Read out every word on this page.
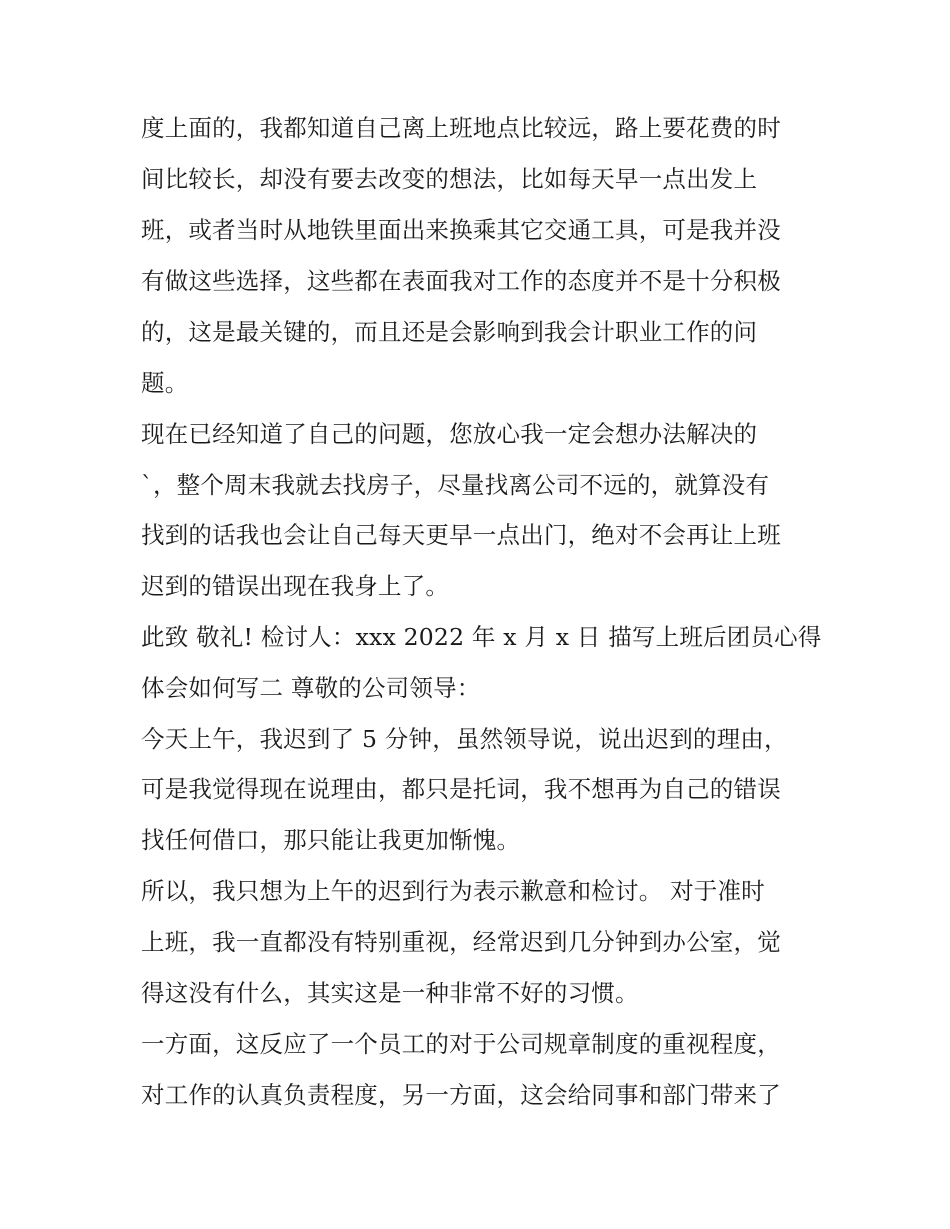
度上面的，我都知道自己离上班地点比较远，路上要花费的时
间比较长，却没有要去改变的想法，比如每天早一点出发上
班，或者当时从地铁里面出来换乘其它交通工具，可是我并没
有做这些选择，这些都在表面我对工作的态度并不是十分积极
的，这是最关键的，而且还是会影响到我会计职业工作的问
题。
现在已经知道了自己的问题，您放心我一定会想办法解决的
`，整个周末我就去找房子，尽量找离公司不远的，就算没有
找到的话我也会让自己每天更早一点出门，绝对不会再让上班
迟到的错误出现在我身上了。
此致 敬礼! 检讨人：xxx 2022 年 x 月 x 日 描写上班后团员心得
体会如何写二 尊敬的公司领导：
今天上午，我迟到了 5 分钟，虽然领导说，说出迟到的理由，
可是我觉得现在说理由，都只是托词，我不想再为自己的错误
找任何借口，那只能让我更加惭愧。
所以，我只想为上午的迟到行为表示歉意和检讨。 对于准时
上班，我一直都没有特别重视，经常迟到几分钟到办公室，觉
得这没有什么，其实这是一种非常不好的习惯。
一方面，这反应了一个员工的对于公司规章制度的重视程度，
对工作的认真负责程度，另一方面，这会给同事和部门带来了
